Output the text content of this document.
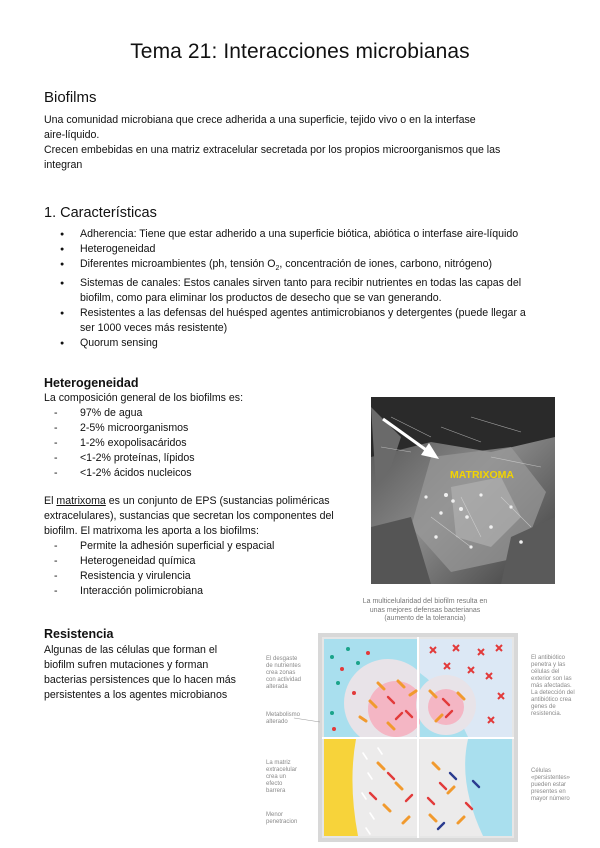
Tema 21: Interacciones microbianas
Biofilms
Una comunidad microbiana que crece adherida a una superficie, tejido vivo o en la interfase
aire-líquido.
Crecen embebidas en una matriz extracelular secretada por los propios microorganismos que las
integran
1. Características
● Adherencia: Tiene que estar adherido a una superficie biótica, abiótica o interfase aire-líquido
● Heterogeneidad
● Diferentes microambientes (ph, tensión $O_2$, concentración de iones, carbono, nitrógeno)
● Sistemas de canales: Estos canales sirven tanto para recibir nutrientes en todas las capas del
biofilm, como para eliminar los productos de desecho que se van generando.
● Resistentes a las defensas del huésped agentes antimicrobianos y detergentes (puede llegar a
ser 1000 veces más resistente)
● Quorum sensing
Heterogeneidad
La composición general de los biofilms es:
- 97% de agua
- 2-5% microorganismos
- 1-2% exopolisacáridos
- <1-2% proteínas, lípidos
- <1-2% ácidos nucleicos
El matrixoma es un conjunto de EPS (sustancias poliméricas
extracelulares), sustancias que secretan los componentes del
biofilm. El matrixoma les aporta a los biofilms:
- Permite la adhesión superficial y espacial
- Heterogeneidad química
- Resistencia y virulencia
- Interacción polimicrobiana
MATRIXOMA
Resistencia
Algunas de las células que forman el
biofilm sufren mutaciones y forman
bacterias persistences que lo hacen más
persistentes a los agentes microbianos
La multicelularidad del biofilm resulta en
unas mejores defensas bacterianas
(aumento de la tolerancia)
El desgaste
de nutrientes
crea zonas
con actividad
alterada
Metabolismo
alterado
La matriz
extracelular
crea un
efecto
barrera
Menor
penetracion
El antibiótico
penetra y las
células del
exterior son las
más afectadas.
La detección del
antibiótico crea
genes de
resistencia.
Células
«persistentes»
pueden estar
presentes en
mayor número
